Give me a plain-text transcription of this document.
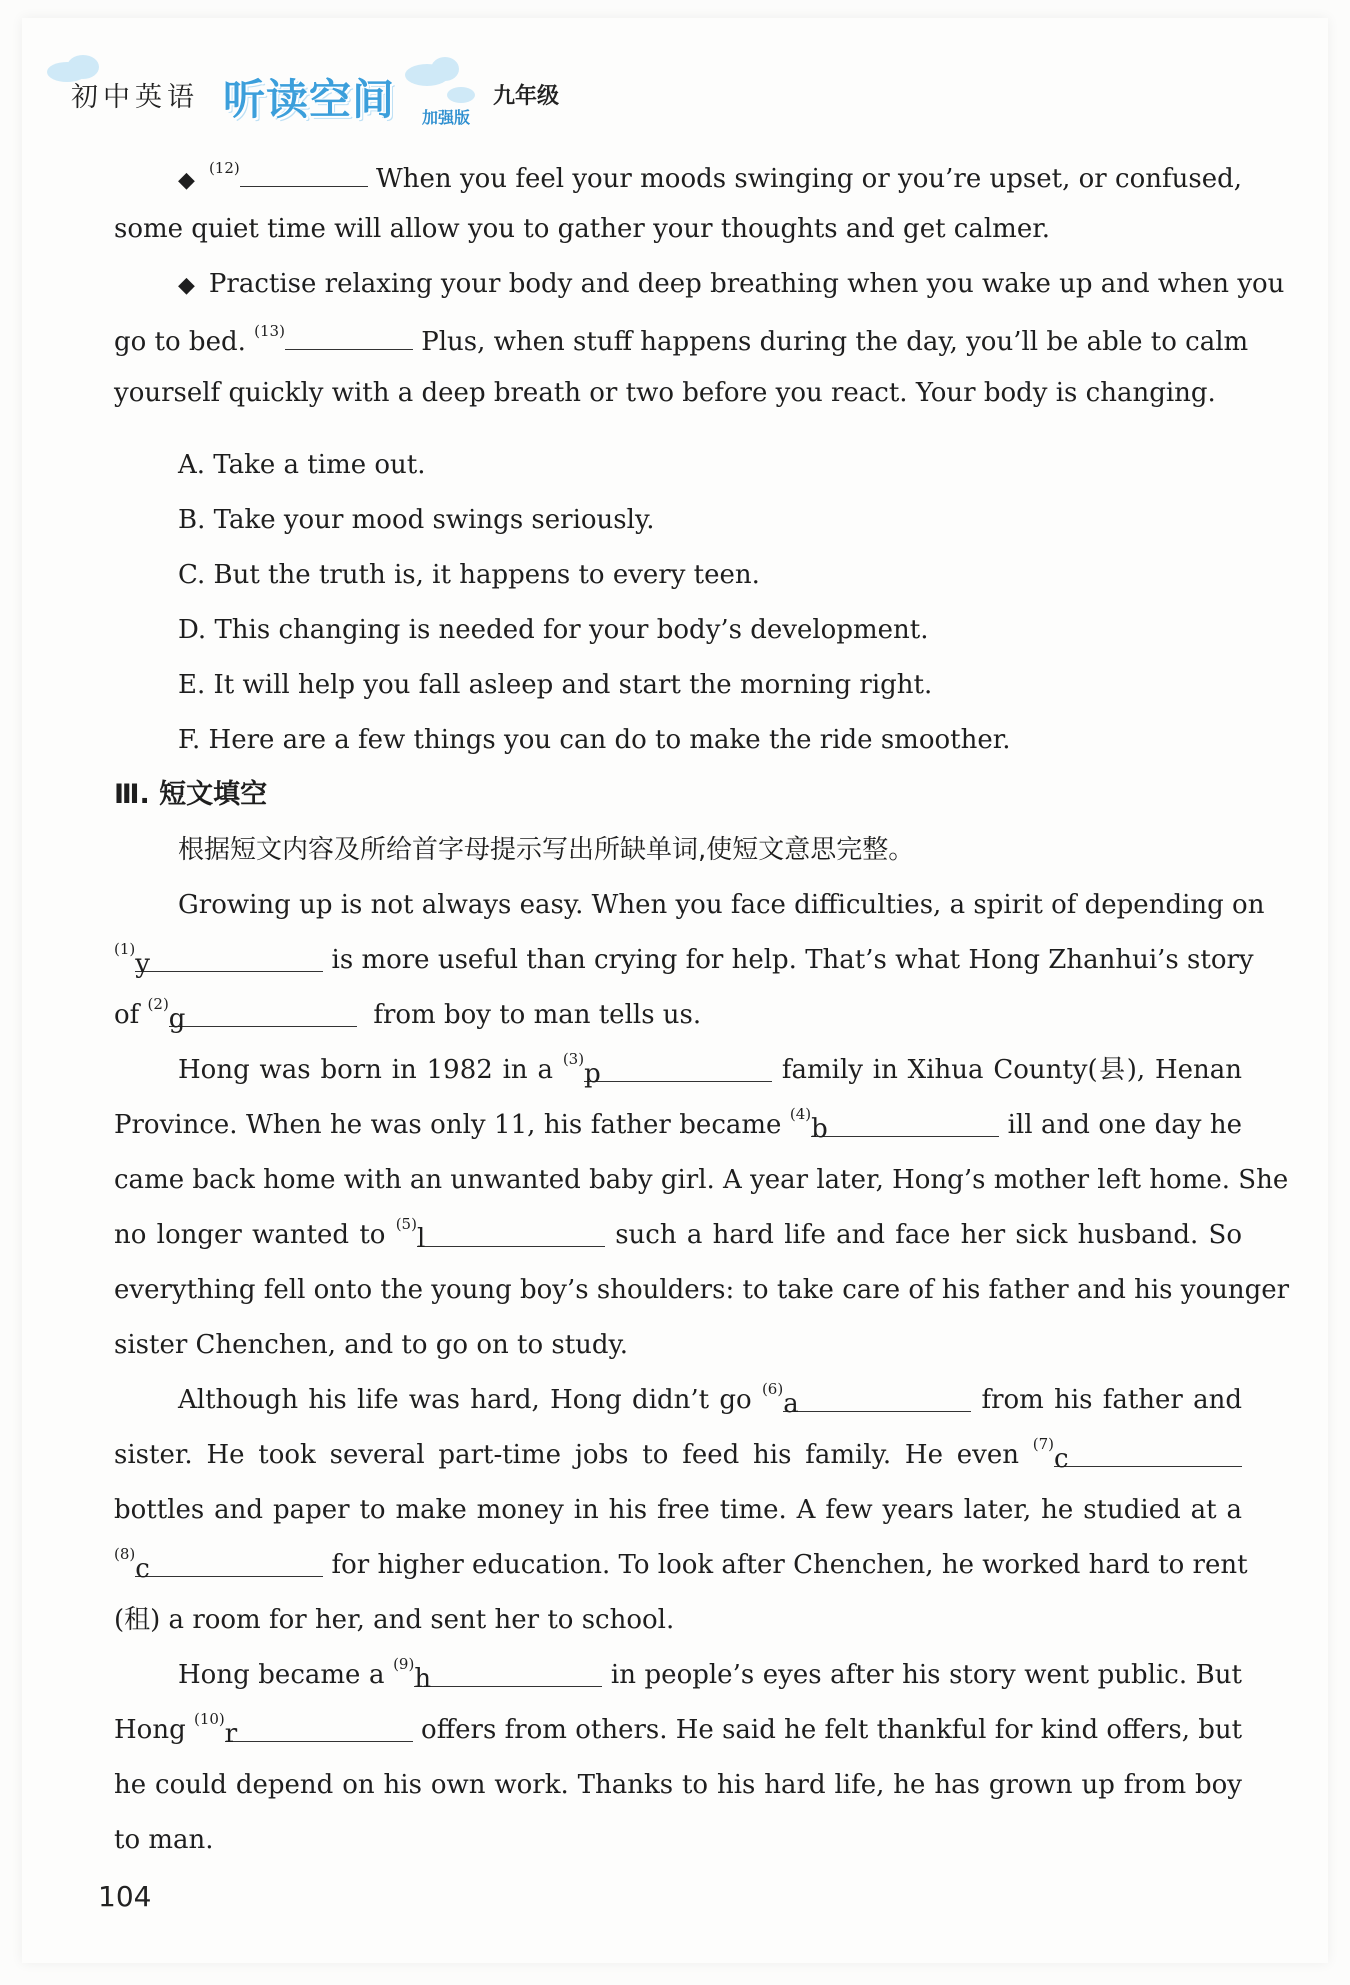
初中英语 听读空间 加强版
九年级
◆ $^{(12)}$	When you feel your moods swinging or you’re upset, or confused,
some quiet time will allow you to gather your thoughts and get calmer.
◆ Practise relaxing your body and deep breathing when you wake up and when you
go to bed. $^{(13)}$	Plus, when stuff happens during the day, you’ll be able to calm
yourself quickly with a deep breath or two before you react. Your body is changing.
A. Take a time out.
B. Take your mood swings seriously.
C. But the truth is, it happens to every teen.
D. This changing is needed for your body’s development.
E. It will help you fall asleep and start the morning right.
F. Here are a few things you can do to make the ride smoother.
Ⅲ. 短文填空
根据短文内容及所给首字母提示写出所缺单词,使短文意思完整。
Growing up is not always easy. When you face difficulties, a spirit of depending on
$^{(1)}$y	is more useful than crying for help. That’s what Hong Zhanhui’s story
of $^{(2)}$g	from boy to man tells us.
Hong was born in 1982 in a $^{(3)}$p	family in Xihua County(县), Henan
Province. When he was only 11, his father became $^{(4)}$b	ill and one day he
came back home with an unwanted baby girl. A year later, Hong’s mother left home. She
no longer wanted to $^{(5)}$l	such a hard life and face her sick husband. So
everything fell onto the young boy’s shoulders: to take care of his father and his younger
sister Chenchen, and to go on to study.
Although his life was hard, Hong didn’t go $^{(6)}$a	from his father and
sister. He took several part-time jobs to feed his family. He even $^{(7)}$c
bottles and paper to make money in his free time. A few years later, he studied at a
$^{(8)}$c	for higher education. To look after Chenchen, he worked hard to rent
(租) a room for her, and sent her to school.
Hong became a $^{(9)}$h	in people’s eyes after his story went public. But
Hong $^{(10)}$r	offers from others. He said he felt thankful for kind offers, but
he could depend on his own work. Thanks to his hard life, he has grown up from boy
to man.
104
